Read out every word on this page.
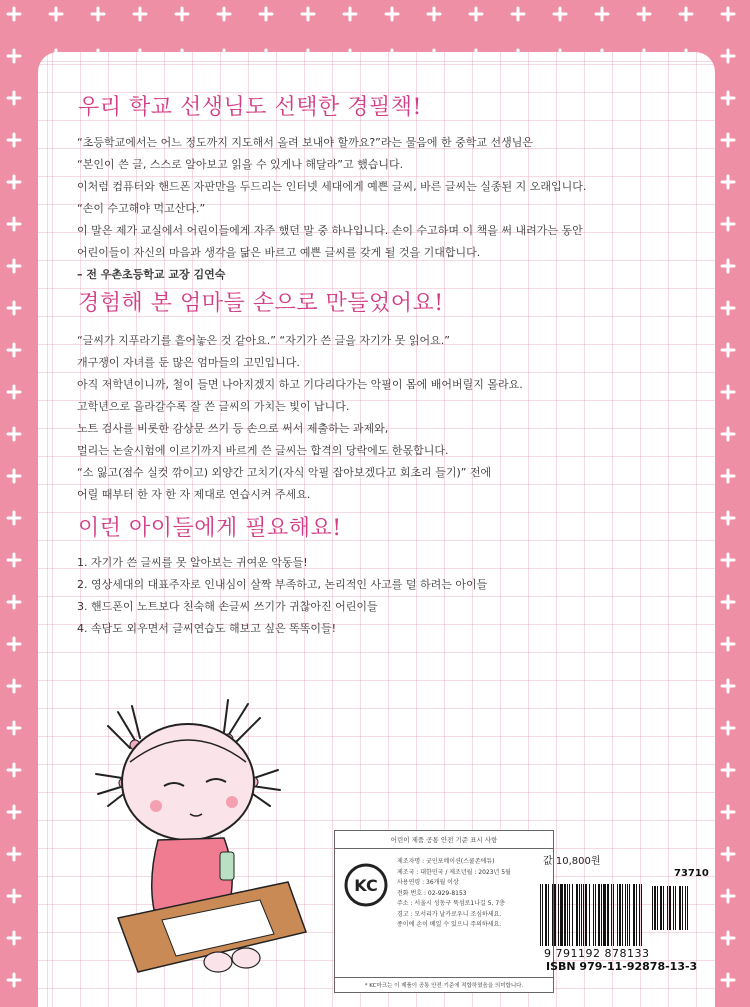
우리 학교 선생님도 선택한 경필책!

“초등학교에서는 어느 정도까지 지도해서 올려 보내야 할까요?”라는 물음에 한 중학교 선생님은

“본인이 쓴 글, 스스로 알아보고 읽을 수 있게나 해달라”고 했습니다.

이처럼 컴퓨터와 핸드폰 자판만을 두드리는 인터넷 세대에게 예쁜 글씨, 바른 글씨는 실종된 지 오래입니다.

“손이 수고해야 먹고산다.”

이 말은 제가 교실에서 어린이들에게 자주 했던 말 중 하나입니다. 손이 수고하며 이 책을 써 내려가는 동안

어린이들이 자신의 마음과 생각을 닮은 바르고 예쁜 글씨를 갖게 될 것을 기대합니다.

– 전 우촌초등학교 교장 김연숙

경험해 본 엄마들 손으로 만들었어요!

“글씨가 지푸라기를 흩어놓은 것 같아요.” “자기가 쓴 글을 자기가 못 읽어요.”

개구쟁이 자녀를 둔 많은 엄마들의 고민입니다.

아직 저학년이니까, 철이 들면 나아지겠지 하고 기다리다가는 악필이 몸에 배어버릴지 몰라요.

고학년으로 올라갈수록 잘 쓴 글씨의 가치는 빛이 납니다.

노트 검사를 비롯한 감상문 쓰기 등 손으로 써서 제출하는 과제와,

멀리는 논술시험에 이르기까지 바르게 쓴 글씨는 합격의 당락에도 한몫합니다.

“소 잃고(점수 실컷 깎이고) 외양간 고치기(자식 악필 잡아보겠다고 회초리 들기)” 전에

어릴 때부터 한 자 한 자 제대로 연습시켜 주세요.

이런 아이들에게 필요해요!

1. 자기가 쓴 글씨를 못 알아보는 귀여운 악동들!

2. 영상세대의 대표주자로 인내심이 살짝 부족하고, 논리적인 사고를 덜 하려는 아이들

3. 핸드폰이 노트보다 친숙해 손글씨 쓰기가 귀찮아진 어린이들

4. 속담도 외우면서 글씨연습도 해보고 싶은 똑똑이들!

어린이 제품 공통 안전 기준 표시 사항
KC

제조자명 : 굿인포메이션(스쿨존에듀)

제조국 : 대한민국 / 제조년월 : 2023년 5월

사용연령 : 36개월 이상

전화 번호 : 02-929-8153

주소 : 서울시 성동구 뚝섬로1나길 5, 7층

경고 : 모서리가 날카로우니 조심하세요.

종이에 손이 베일 수 있으니 주의하세요.

* KC마크는 이 제품이 공통 안전 기준에 적합하였음을 의미합니다.
값 10,800원
73710
9 791192 878133
ISBN 979-11-92878-13-3
